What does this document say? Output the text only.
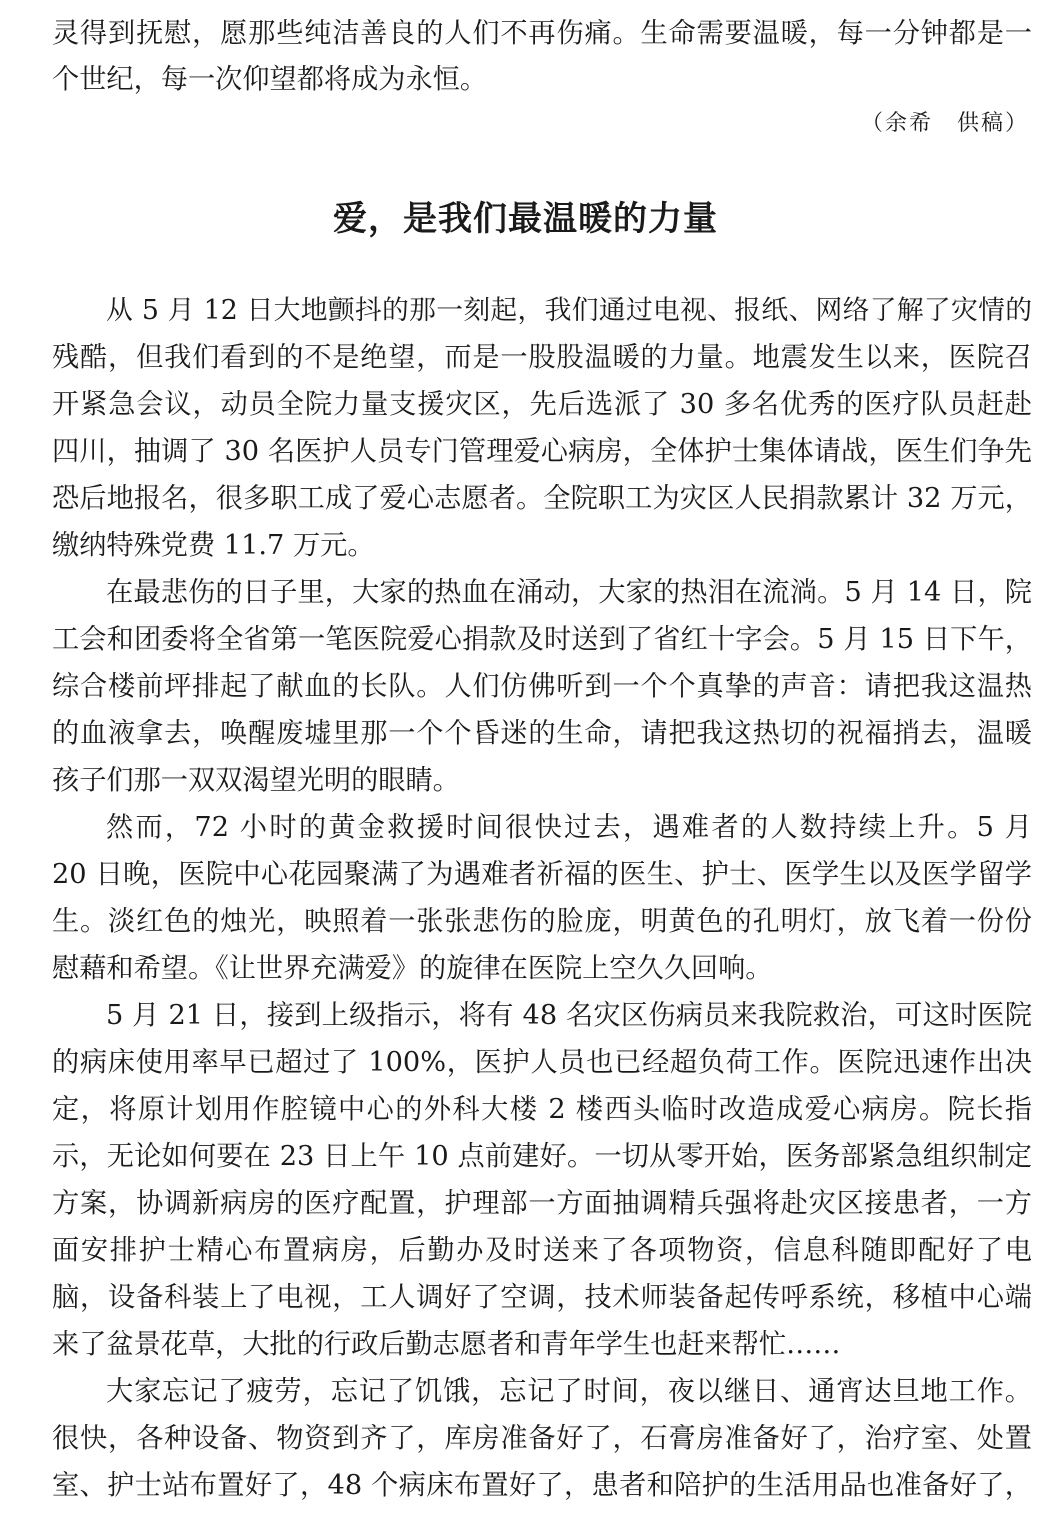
灵得到抚慰，愿那些纯洁善良的人们不再伤痛。生命需要温暖，每一分钟都是一
个世纪，每一次仰望都将成为永恒。
（余希　供稿）
爱，是我们最温暖的力量
从 5 月 12 日大地颤抖的那一刻起，我们通过电视、报纸、网络了解了灾情的
残酷，但我们看到的不是绝望，而是一股股温暖的力量。地震发生以来，医院召
开紧急会议，动员全院力量支援灾区，先后选派了 30 多名优秀的医疗队员赶赴
四川，抽调了 30 名医护人员专门管理爱心病房，全体护士集体请战，医生们争先
恐后地报名，很多职工成了爱心志愿者。全院职工为灾区人民捐款累计 32 万元，
缴纳特殊党费 11.7 万元。
在最悲伤的日子里，大家的热血在涌动，大家的热泪在流淌。5 月 14 日，院
工会和团委将全省第一笔医院爱心捐款及时送到了省红十字会。5 月 15 日下午，
综合楼前坪排起了献血的长队。人们仿佛听到一个个真挚的声音：请把我这温热
的血液拿去，唤醒废墟里那一个个昏迷的生命，请把我这热切的祝福捎去，温暖
孩子们那一双双渴望光明的眼睛。
然而，72 小时的黄金救援时间很快过去，遇难者的人数持续上升。5 月
20 日晚，医院中心花园聚满了为遇难者祈福的医生、护士、医学生以及医学留学
生。淡红色的烛光，映照着一张张悲伤的脸庞，明黄色的孔明灯，放飞着一份份
慰藉和希望。《让世界充满爱》的旋律在医院上空久久回响。
5 月 21 日，接到上级指示，将有 48 名灾区伤病员来我院救治，可这时医院
的病床使用率早已超过了 100%，医护人员也已经超负荷工作。医院迅速作出决
定，将原计划用作腔镜中心的外科大楼 2 楼西头临时改造成爱心病房。院长指
示，无论如何要在 23 日上午 10 点前建好。一切从零开始，医务部紧急组织制定
方案，协调新病房的医疗配置，护理部一方面抽调精兵强将赴灾区接患者，一方
面安排护士精心布置病房，后勤办及时送来了各项物资，信息科随即配好了电
脑，设备科装上了电视，工人调好了空调，技术师装备起传呼系统，移植中心端
来了盆景花草，大批的行政后勤志愿者和青年学生也赶来帮忙……
大家忘记了疲劳，忘记了饥饿，忘记了时间，夜以继日、通宵达旦地工作。
很快，各种设备、物资到齐了，库房准备好了，石膏房准备好了，治疗室、处置
室、护士站布置好了，48 个病床布置好了，患者和陪护的生活用品也准备好了，
